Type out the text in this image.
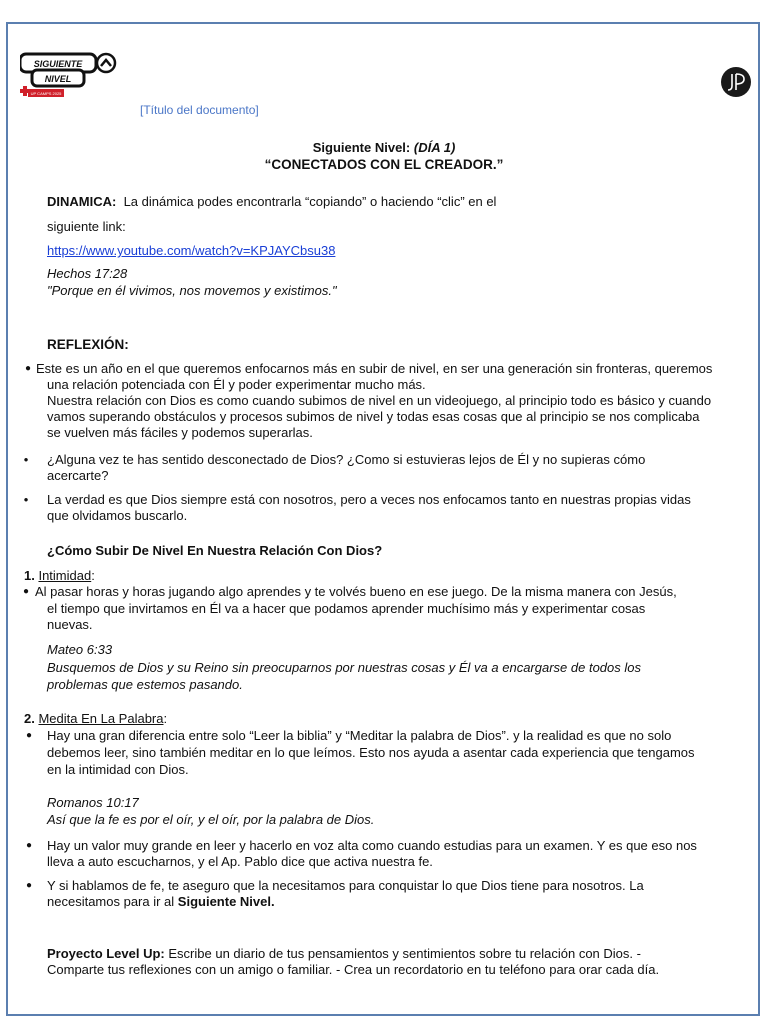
SIGUIENTE
NIVEL
UP CAMPS 2025
[Título del documento]
Siguiente Nivel: (DÍA 1)
“CONECTADOS CON EL CREADOR.”
DINAMICA: La dinámica podes encontrarla “copiando” o haciendo “clic” en el
siguiente link:
https://www.youtube.com/watch?v=KPJAYCbsu38
Hechos 17:28
"Porque en él vivimos, nos movemos y existimos."
REFLEXIÓN:
● Este es un año en el que queremos enfocarnos más en subir de nivel, en ser una generación sin fronteras, queremos
una relación potenciada con Él y poder experimentar mucho más.
Nuestra relación con Dios es como cuando subimos de nivel en un videojuego, al principio todo es básico y cuando
vamos superando obstáculos y procesos subimos de nivel y todas esas cosas que al principio se nos complicaba
se vuelven más fáciles y podemos superarlas.
• ¿Alguna vez te has sentido desconectado de Dios? ¿Como si estuvieras lejos de Él y no supieras cómo
acercarte?
• La verdad es que Dios siempre está con nosotros, pero a veces nos enfocamos tanto en nuestras propias vidas
que olvidamos buscarlo.
¿Cómo Subir De Nivel En Nuestra Relación Con Dios?
1. Intimidad:
● Al pasar horas y horas jugando algo aprendes y te volvés bueno en ese juego. De la misma manera con Jesús,
el tiempo que invirtamos en Él va a hacer que podamos aprender muchísimo más y experimentar cosas
nuevas.
Mateo 6:33
Busquemos de Dios y su Reino sin preocuparnos por nuestras cosas y Él va a encargarse de todos los
problemas que estemos pasando.
2. Medita En La Palabra:
● Hay una gran diferencia entre solo “Leer la biblia” y “Meditar la palabra de Dios”. y la realidad es que no solo
debemos leer, sino también meditar en lo que leímos. Esto nos ayuda a asentar cada experiencia que tengamos
en la intimidad con Dios.
Romanos 10:17
Así que la fe es por el oír, y el oír, por la palabra de Dios.
● Hay un valor muy grande en leer y hacerlo en voz alta como cuando estudias para un examen. Y es que eso nos
lleva a auto escucharnos, y el Ap. Pablo dice que activa nuestra fe.
● Y si hablamos de fe, te aseguro que la necesitamos para conquistar lo que Dios tiene para nosotros. La
necesitamos para ir al Siguiente Nivel.
Proyecto Level Up: Escribe un diario de tus pensamientos y sentimientos sobre tu relación con Dios. -
Comparte tus reflexiones con un amigo o familiar. - Crea un recordatorio en tu teléfono para orar cada día.
